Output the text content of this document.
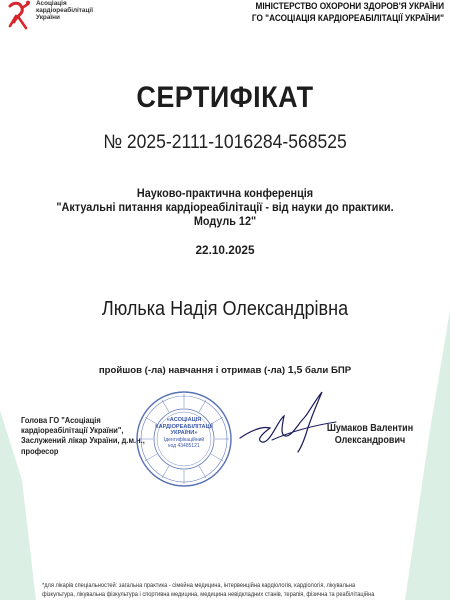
Асоціація
кардіореабілітації
України
МІНІСТЕРСТВО ОХОРОНИ ЗДОРОВ'Я УКРАЇНИ
ГО "АСОЦІАЦІЯ КАРДІОРЕАБІЛІТАЦІЇ УКРАЇНИ"
СЕРТИФІКАТ
№ 2025-2111-1016284-568525
Науково-практична конференція
"Актуальні питання кардіореабілітації - від науки до практики.
Модуль 12"
22.10.2025
Люлька Надія Олександрівна
пройшов (-ла) навчання і отримав (-ла) 1,5 бали БПР
Голова ГО "Асоціація
кардіореабілітації України",
Заслужений лікар України, д.м.н.,
професор
«АСОЦІАЦІЯ
КАРДІОРЕАБІЛІТАЦІЇ
УКРАЇНИ»
Ідентифікаційний
код 43485121
Шумаков Валентин
Олександрович
*для лікарів спеціальностей: загальна практика - сімейна медицина, інтервенційна кардіологія, кардіологія, лікувальна
фізкультура, лікувальна фізкультура і спортивна медицина, медицина невідкладних станів, терапія, фізична та реабілітаційна
